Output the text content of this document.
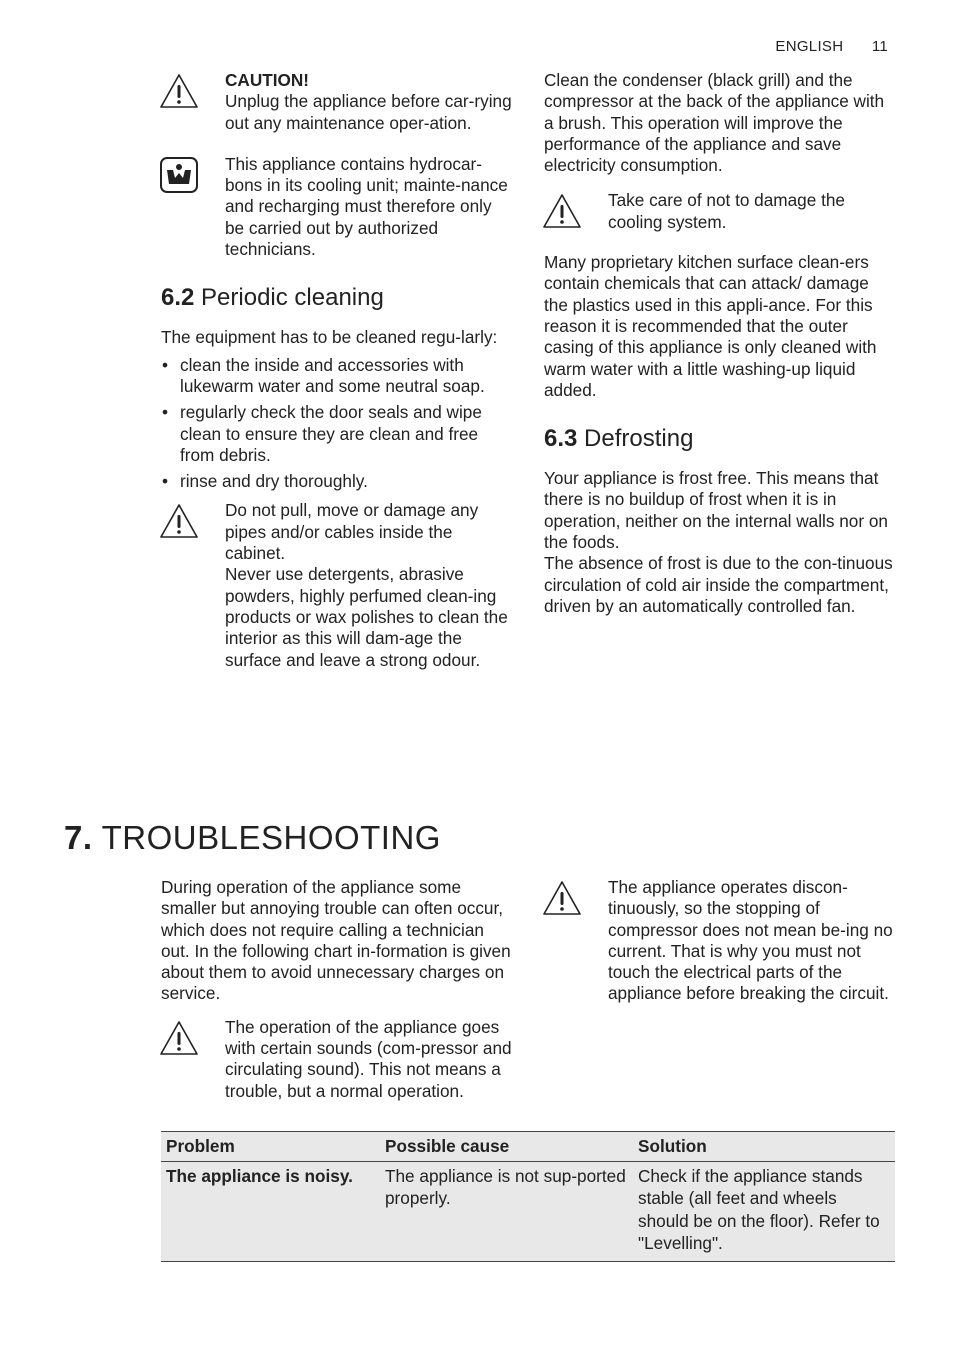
ENGLISH 11

CAUTION!

Unplug the appliance before car-rying out any maintenance oper-ation.

This appliance contains hydrocar-bons in its cooling unit; mainte-nance and recharging must therefore only be carried out by authorized technicians.

6.2 Periodic cleaning

The equipment has to be cleaned regu-larly:

• clean the inside and accessories with lukewarm water and some neutral soap.
• regularly check the door seals and wipe clean to ensure they are clean and free from debris.
• rinse and dry thoroughly.

Do not pull, move or damage any pipes and/or cables inside the cabinet.

Never use detergents, abrasive powders, highly perfumed clean-ing products or wax polishes to clean the interior as this will dam-age the surface and leave a strong odour.

Clean the condenser (black grill) and the compressor at the back of the appliance with a brush. This operation will improve the performance of the appliance and save electricity consumption.

Take care of not to damage the cooling system.

Many proprietary kitchen surface clean-ers contain chemicals that can attack/ damage the plastics used in this appli-ance. For this reason it is recommended that the outer casing of this appliance is only cleaned with warm water with a little washing-up liquid added.

6.3 Defrosting

Your appliance is frost free. This means that there is no buildup of frost when it is in operation, neither on the internal walls nor on the foods.

The absence of frost is due to the con-tinuous circulation of cold air inside the compartment, driven by an automatically controlled fan.

7. TROUBLESHOOTING

During operation of the appliance some smaller but annoying trouble can often occur, which does not require calling a technician out. In the following chart in-formation is given about them to avoid unnecessary charges on service.

The operation of the appliance goes with certain sounds (com-pressor and circulating sound). This not means a trouble, but a normal operation.

The appliance operates discon-tinuously, so the stopping of compressor does not mean be-ing no current. That is why you must not touch the electrical parts of the appliance before breaking the circuit.

Problem	Possible cause	Solution
The appliance is noisy.	The appliance is not sup-ported properly.	Check if the appliance stands stable (all feet and wheels should be on the floor). Refer to "Levelling".
